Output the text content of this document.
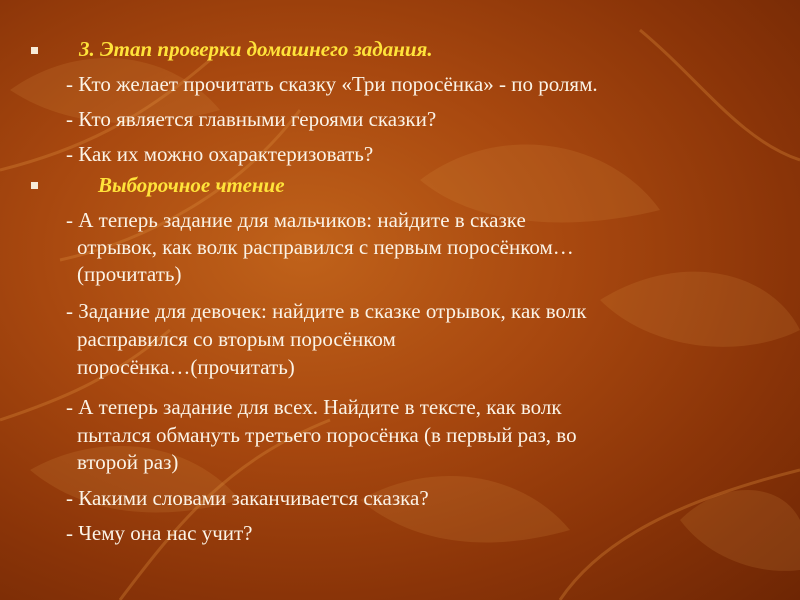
3. Этап проверки домашнего задания.

- Кто желает прочитать сказку «Три поросёнка» - по ролям.

- Кто является главными героями сказки?

- Как их можно охарактеризовать?

Выборочное чтение

- А теперь задание для мальчиков: найдите в сказке

отрывок, как волк расправился с первым поросёнком…

(прочитать)

- Задание для девочек: найдите в сказке отрывок, как волк

расправился со вторым поросёнком

поросёнка…(прочитать)

- А теперь задание для всех. Найдите в тексте, как волк

пытался обмануть третьего поросёнка (в первый раз, во

второй раз)

- Какими словами заканчивается сказка?

- Чему она нас учит?
